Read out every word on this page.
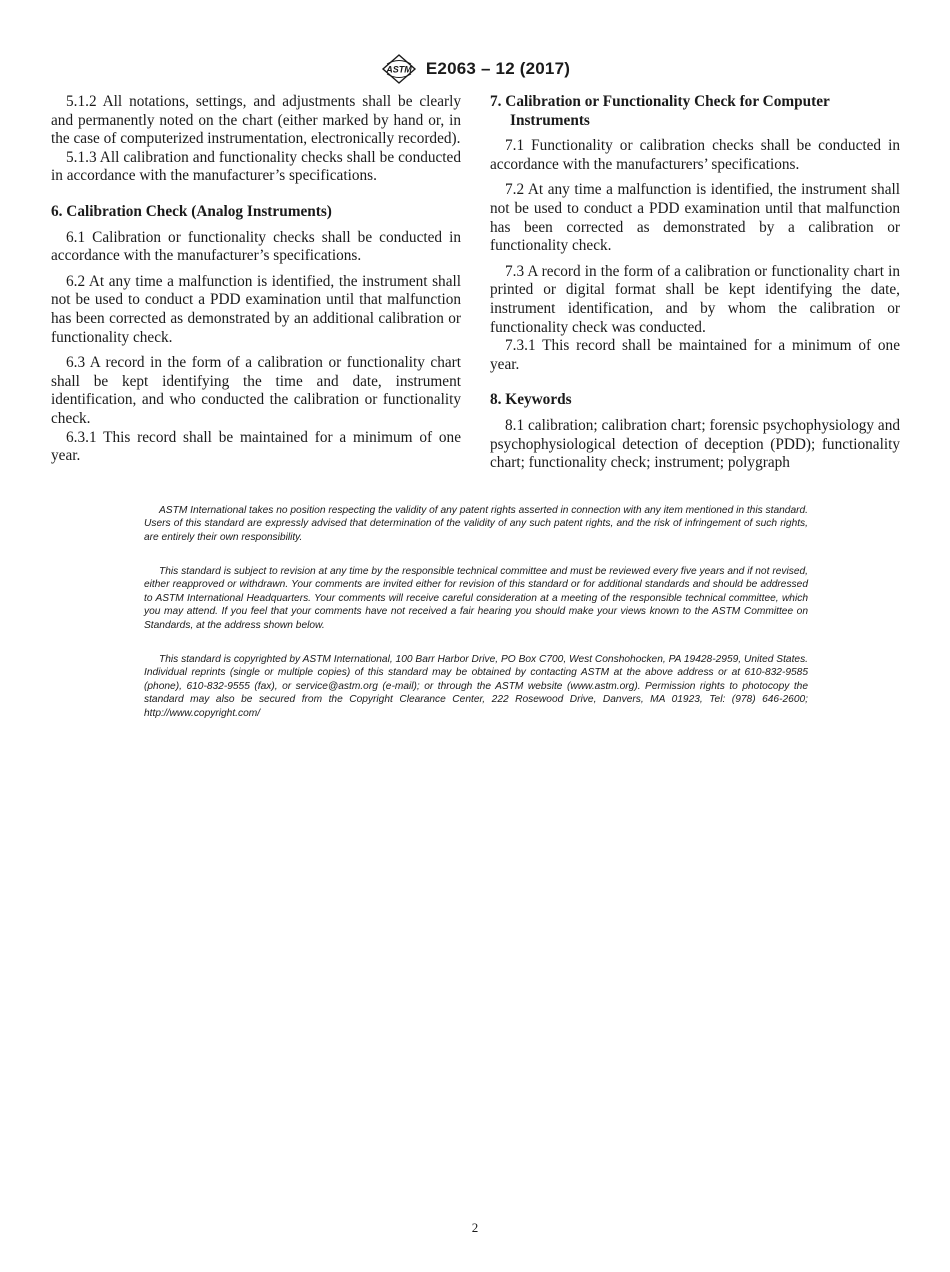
ASTM E2063 – 12 (2017)

5.1.2 All notations, settings, and adjustments shall be clearly and permanently noted on the chart (either marked by hand or, in the case of computerized instrumentation, electronically recorded).

5.1.3 All calibration and functionality checks shall be conducted in accordance with the manufacturer’s specifications.

6. Calibration Check (Analog Instruments)

6.1 Calibration or functionality checks shall be conducted in accordance with the manufacturer’s specifications.

6.2 At any time a malfunction is identified, the instrument shall not be used to conduct a PDD examination until that malfunction has been corrected as demonstrated by an additional calibration or functionality check.

6.3 A record in the form of a calibration or functionality chart shall be kept identifying the time and date, instrument identification, and who conducted the calibration or functionality check.

6.3.1 This record shall be maintained for a minimum of one year.

7. Calibration or Functionality Check for Computer Instruments

7.1 Functionality or calibration checks shall be conducted in accordance with the manufacturers’ specifications.

7.2 At any time a malfunction is identified, the instrument shall not be used to conduct a PDD examination until that malfunction has been corrected as demonstrated by a calibration or functionality check.

7.3 A record in the form of a calibration or functionality chart in printed or digital format shall be kept identifying the date, instrument identification, and by whom the calibration or functionality check was conducted.

7.3.1 This record shall be maintained for a minimum of one year.

8. Keywords

8.1 calibration; calibration chart; forensic psychophysiology and psychophysiological detection of deception (PDD); functionality chart; functionality check; instrument; polygraph

ASTM International takes no position respecting the validity of any patent rights asserted in connection with any item mentioned in this standard. Users of this standard are expressly advised that determination of the validity of any such patent rights, and the risk of infringement of such rights, are entirely their own responsibility.

This standard is subject to revision at any time by the responsible technical committee and must be reviewed every five years and if not revised, either reapproved or withdrawn. Your comments are invited either for revision of this standard or for additional standards and should be addressed to ASTM International Headquarters. Your comments will receive careful consideration at a meeting of the responsible technical committee, which you may attend. If you feel that your comments have not received a fair hearing you should make your views known to the ASTM Committee on Standards, at the address shown below.

This standard is copyrighted by ASTM International, 100 Barr Harbor Drive, PO Box C700, West Conshohocken, PA 19428-2959, United States. Individual reprints (single or multiple copies) of this standard may be obtained by contacting ASTM at the above address or at 610-832-9585 (phone), 610-832-9555 (fax), or service@astm.org (e-mail); or through the ASTM website (www.astm.org). Permission rights to photocopy the standard may also be secured from the Copyright Clearance Center, 222 Rosewood Drive, Danvers, MA 01923, Tel: (978) 646-2600; http://www.copyright.com/

2
